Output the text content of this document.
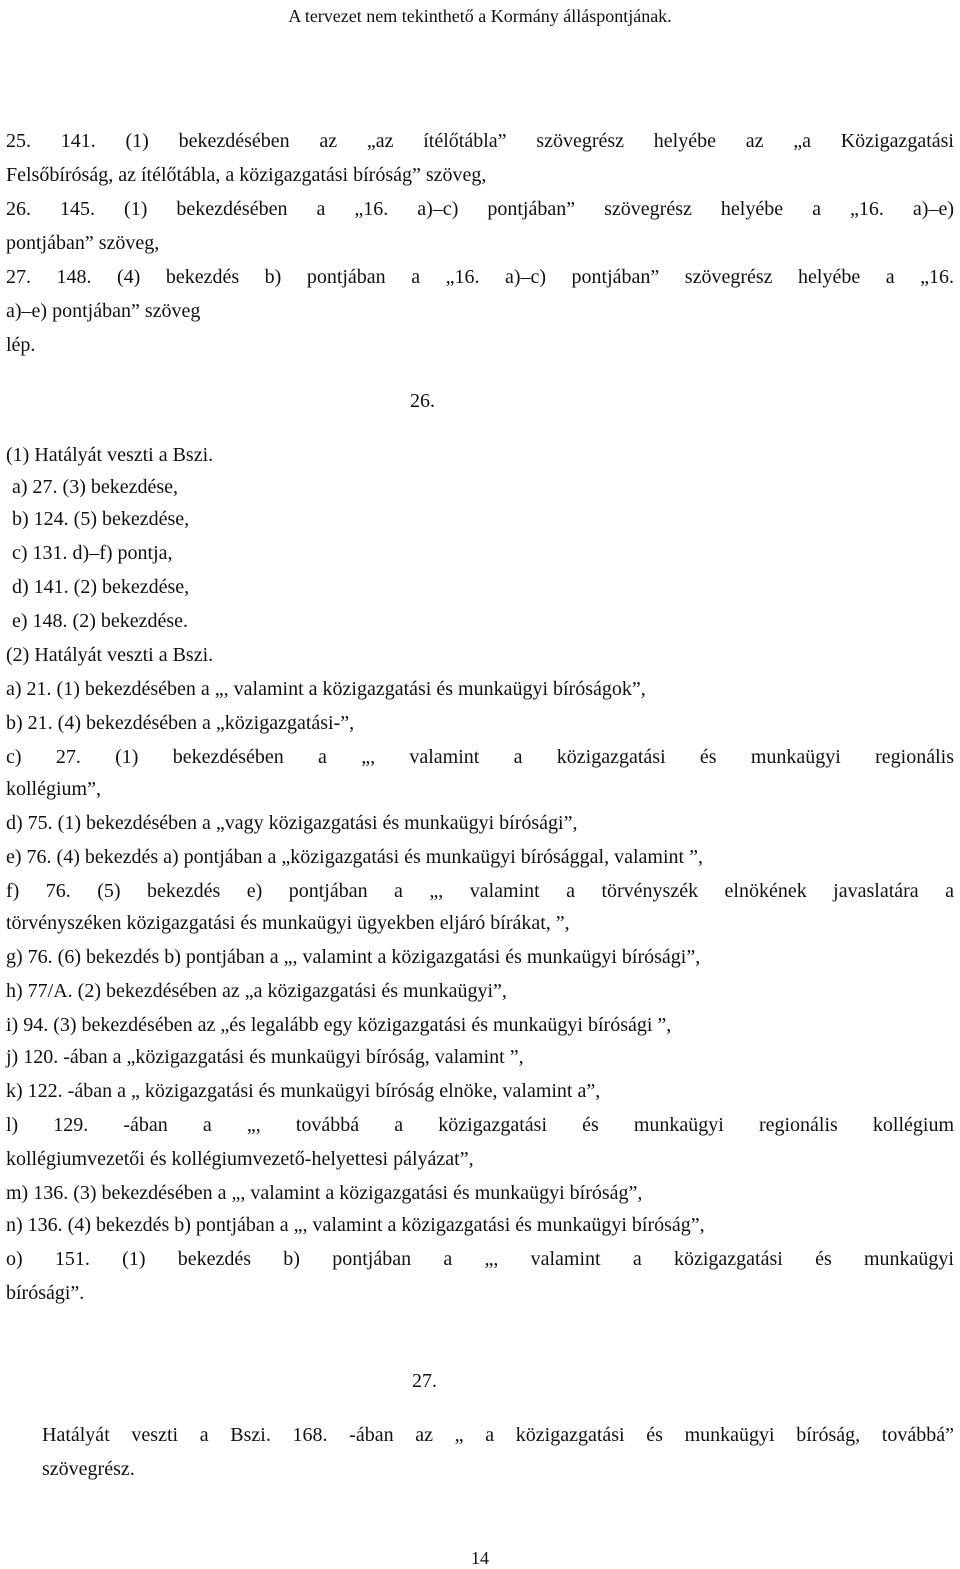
A tervezet nem tekinthető a Kormány álláspontjának.
25. 141. (1) bekezdésében az „az ítélőtábla” szövegrész helyébe az „a Közigazgatási
Felsőbíróság, az ítélőtábla, a közigazgatási bíróság” szöveg,
26. 145. (1) bekezdésében a „16. a)–c) pontjában” szövegrész helyébe a „16. a)–e)
pontjában” szöveg,
27. 148. (4) bekezdés b) pontjában a „16. a)–c) pontjában” szövegrész helyébe a „16.
a)–e) pontjában” szöveg
lép.
26.
(1) Hatályát veszti a Bszi.
a) 27. (3) bekezdése,
b) 124. (5) bekezdése,
c) 131. d)–f) pontja,
d) 141. (2) bekezdése,
e) 148. (2) bekezdése.
(2) Hatályát veszti a Bszi.
a) 21. (1) bekezdésében a „, valamint a közigazgatási és munkaügyi bíróságok”,
b) 21. (4) bekezdésében a „közigazgatási-”,
c) 27. (1) bekezdésében a „, valamint a közigazgatási és munkaügyi regionális
kollégium”,
d) 75. (1) bekezdésében a „vagy közigazgatási és munkaügyi bírósági”,
e) 76. (4) bekezdés a) pontjában a „közigazgatási és munkaügyi bírósággal, valamint ”,
f) 76. (5) bekezdés e) pontjában a „, valamint a törvényszék elnökének javaslatára a
törvényszéken közigazgatási és munkaügyi ügyekben eljáró bírákat, ”,
g) 76. (6) bekezdés b) pontjában a „, valamint a közigazgatási és munkaügyi bírósági”,
h) 77/A. (2) bekezdésében az „a közigazgatási és munkaügyi”,
i) 94. (3) bekezdésében az „és legalább egy közigazgatási és munkaügyi bírósági ”,
j) 120. -ában a „közigazgatási és munkaügyi bíróság, valamint ”,
k) 122. -ában a „ közigazgatási és munkaügyi bíróság elnöke, valamint a”,
l) 129. -ában a „, továbbá a közigazgatási és munkaügyi regionális kollégium
kollégiumvezetői és kollégiumvezető-helyettesi pályázat”,
m) 136. (3) bekezdésében a „, valamint a közigazgatási és munkaügyi bíróság”,
n) 136. (4) bekezdés b) pontjában a „, valamint a közigazgatási és munkaügyi bíróság”,
o) 151. (1) bekezdés b) pontjában a „, valamint a közigazgatási és munkaügyi
bírósági”.
27.
Hatályát veszti a Bszi. 168. -ában az „ a közigazgatási és munkaügyi bíróság, továbbá”
szövegrész.
14
